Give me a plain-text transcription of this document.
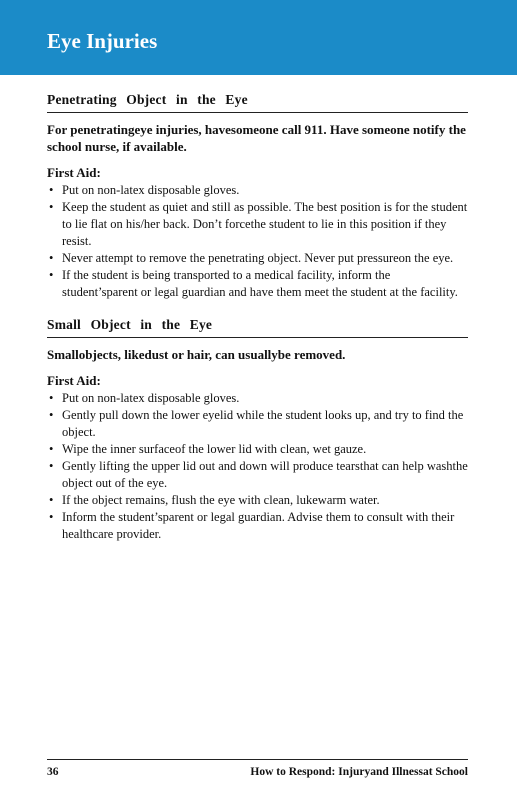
Eye Injuries
Penetrating Object in the Eye

For penetratingeye injuries, havesomeone call 911. Have someone notify the school nurse, if available.

First Aid:
• Put on non-latex disposable gloves.
• Keep the student as quiet and still as possible. The best position is for the student to lie flat on his/her back. Don’t forcethe student to lie in this position if they resist.
• Never attempt to remove the penetrating object. Never put pressureon the eye.
• If the student is being transported to a medical facility, inform the student’sparent or legal guardian and have them meet the student at the facility.
Small Object in the Eye

Smallobjects, likedust or hair, can usuallybe removed.

First Aid:
• Put on non-latex disposable gloves.
• Gently pull down the lower eyelid while the student looks up, and try to find the object.
• Wipe the inner surfaceof the lower lid with clean, wet gauze.
• Gently lifting the upper lid out and down will produce tearsthat can help washthe object out of the eye.
• If the object remains, flush the eye with clean, lukewarm water.
• Inform the student’sparent or legal guardian. Advise them to consult with their healthcare provider.
36	How to Respond: Injuryand Illnessat School
